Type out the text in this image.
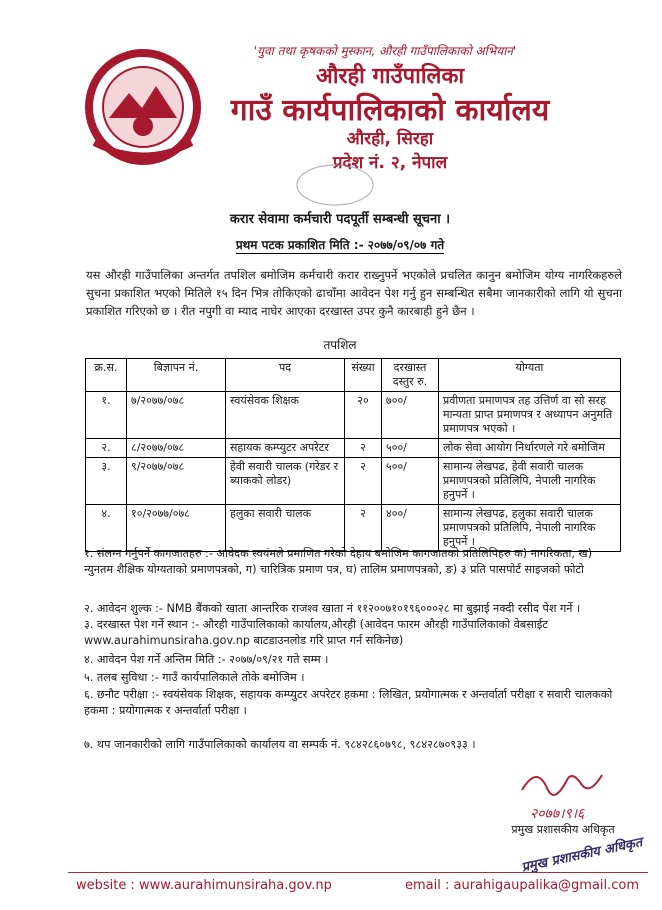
'युवा तथा कृषकको मुस्कान, औरही गाउँपालिकाको अभियान'
औरही गाउँपालिका
गाउँ कार्यपालिकाको कार्यालय
औरही, सिरहा
प्रदेश नं. २, नेपाल
करार सेवामा कर्मचारी पदपूर्ती सम्बन्धी सूचना ।
प्रथम पटक प्रकाशित मिति :- २०७७/०९/०७ गते
यस औरही गाउँपालिका अन्तर्गत तपशिल बमोजिम कर्मचारी करार राख्नुपर्ने भएकोले प्रचलित कानुन बमोजिम योग्य नागरिकहरुले सुचना प्रकाशित भएको मितिले १५ दिन भित्र तोकिएको ढाचाँमा आवेदन पेश गर्नु हुन सम्बन्धित सबैमा जानकारीको लागि यो सुचना प्रकाशित गरिएको छ । रीत नपुगी वा म्याद नाघेर आएका दरखास्त उपर कुनै कारबाही हुने छैन ।
तपशिल
क्र.स.	बिज्ञापन नं.	पद	संख्या	दरखास्त दस्तुर रु.	योग्यता
१.	७/२०७७/०७८	स्वयंसेवक शिक्षक	२०	७००/	प्रवीणता प्रमाणपत्र तह उत्तिर्ण वा सो सरह मान्यता प्राप्त प्रमाणपत्र र अध्यापन अनुमति प्रमाणपत्र भएको ।
२.	८/२०७७/०७८	सहायक कम्प्युटर अपरेटर	२	५००/	लोक सेवा आयोग निर्धारणले गरे बमोजिम
३.	९/२०७७/०७८	हेवी सवारी चालक (गरेडर र ब्याकको लोडर)	२	५००/	सामान्य लेखपढ, हेवी सवारी चालक प्रमाणपत्रको प्रतिलिपि, नेपाली नागरिक हनुपर्ने ।
४.	१०/२०७७/०७८	हलुका सवारी चालक	२	४००/	सामान्य लेखपढ, हलुका सवारी चालक प्रमाणपत्रको प्रतिलिपि, नेपाली नागरिक हनुपर्ने ।
१. संलग्न गर्नुपर्ने कागजातहरु :- आवेदक स्वयंमले प्रमाणित गरेको देहाय बमोजिम कागजातको प्रतिलिपिहरु क) नागरिकता, ख) न्युनतम शैक्षिक योग्यताको प्रमाणपत्रको, ग) चारित्रिक प्रमाण पत्र, घ) तालिम प्रमाणपत्रको, ङ) ३ प्रति पासपोर्ट साइजको फोटो
२. आवेदन शुल्क :- NMB बैंकको खाता आन्तरिक राजश्व खाता नं ११२००७१०१९६०००२८ मा बुझाई नक्दी रसीद पेश गर्ने ।
३. दरखास्त पेश गर्ने स्थान :- औरही गाउँपालिकाको कार्यालय,औरही (आवेदन फारम औरही गाउँपालिकाको वेबसाईट www.aurahimunsiraha.gov.np बाटडाउनलोड गरि प्राप्त गर्न सकिनेछ)
४. आवेदन पेश गर्ने अन्तिम मिति :- २०७७/०९/२१ गते सम्म ।
५. तलब सुविधा :- गाउँ कार्यपालिकाले तोके बमोजिम ।
६. छनौट परीक्षा :- स्वयंसेवक शिक्षक, सहायक कम्प्युटर अपरेटर हकमा : लिखित, प्रयोगात्मक र अन्तर्वार्ता परीक्षा र सवारी चालकको हकमा : प्रयोगात्मक र अन्तर्वार्ता परीक्षा ।
७. थप जानकारीको लागि गाउँपालिकाको कार्यालय वा सम्पर्क नं. ९८४२८६०७९८, ९८४२८७०९३३ ।
२०७७।९।६
प्रमुख प्रशासकीय अधिकृत
प्रमुख प्रशासकीय अधिकृत
website : www.aurahimunsiraha.gov.np	email : aurahigaupalika@gmail.com
